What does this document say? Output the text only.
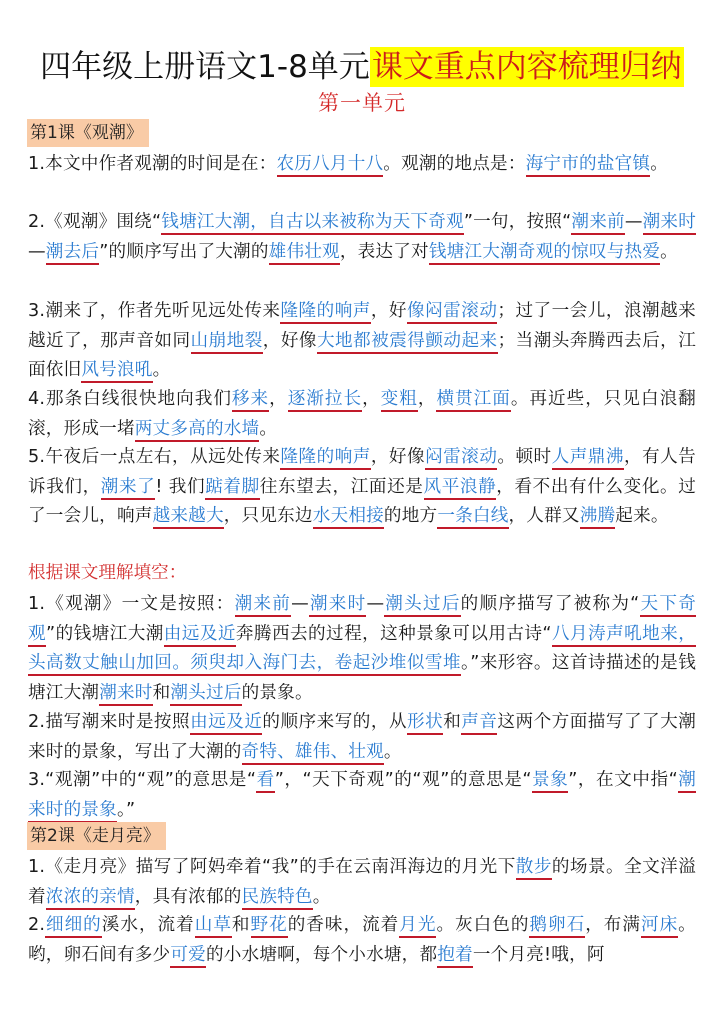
四年级上册语文1-8单元课文重点内容梳理归纳
第一单元
第1课《观潮》
1.本文中作者观潮的时间是在：农历八月十八。观潮的地点是：海宁市的盐官镇。
2.《观潮》围绕“钱塘江大潮，自古以来被称为天下奇观”一句，按照“潮来前—潮来时—潮去后”的顺序写出了大潮的雄伟壮观，表达了对钱塘江大潮奇观的惊叹与热爱。
3.潮来了，作者先听见远处传来隆隆的响声，好像闷雷滚动；过了一会儿，浪潮越来越近了，那声音如同山崩地裂，好像大地都被震得颤动起来；当潮头奔腾西去后，江面依旧风号浪吼。
4.那条白线很快地向我们移来，逐渐拉长，变粗，横贯江面。再近些，只见白浪翻滚，形成一堵两丈多高的水墙。
5.午夜后一点左右，从远处传来隆隆的响声，好像闷雷滚动。顿时人声鼎沸，有人告诉我们，潮来了! 我们踮着脚往东望去，江面还是风平浪静，看不出有什么变化。过了一会儿，响声越来越大，只见东边水天相接的地方一条白线，人群又沸腾起来。
根据课文理解填空：
1.《观潮》一文是按照：潮来前—潮来时—潮头过后的顺序描写了被称为“天下奇观”的钱塘江大潮由远及近奔腾西去的过程，这种景象可以用古诗“八月涛声吼地来，头高数丈触山加回。须臾却入海门去，卷起沙堆似雪堆。”来形容。这首诗描述的是钱塘江大潮潮来时和潮头过后的景象。
2.描写潮来时是按照由远及近的顺序来写的，从形状和声音这两个方面描写了了大潮来时的景象，写出了大潮的奇特、雄伟、壮观。
3.“观潮”中的“观”的意思是“看”，“天下奇观”的“观”的意思是“景象”，在文中指“潮来时的景象。”
第2课《走月亮》
1.《走月亮》描写了阿妈牵着“我”的手在云南洱海边的月光下散步的场景。全文洋溢着浓浓的亲情，具有浓郁的民族特色。
2.细细的溪水，流着山草和野花的香味，流着月光。灰白色的鹅卵石，布满河床。哟，卵石间有多少可爱的小水塘啊，每个小水塘，都抱着一个月亮!哦，阿
